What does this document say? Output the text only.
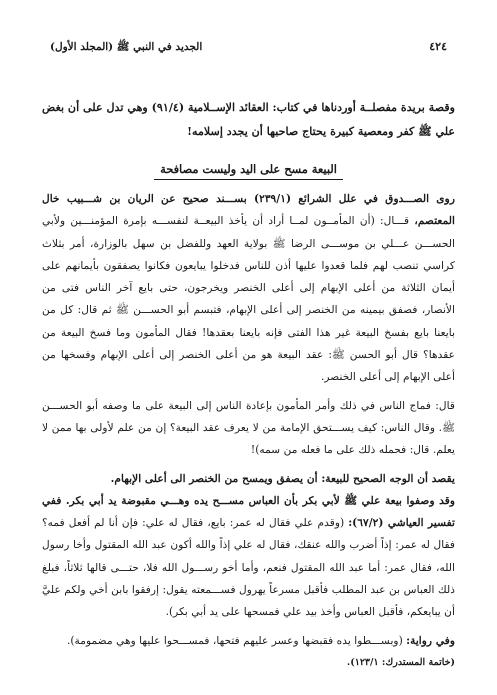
٤٢٤
الجديد في النبي ﷺ (المجلد الأول)

وقصة بريدة مفصلــة أوردناها في كتاب: العقائد الإســلامية (٩١/٤) وهي تدل على أن بغض علي ﷺ كفر ومعصية كبيرة يحتاج صاحبها أن يجدد إسلامه!

البيعة مسح على اليد وليست مصافحة

روى الصـــدوق في علل الشرائع (٢٣٩/١) بســـند صحيح عن الريان بن شـــبيب خال المعتصم، قـــال: (أن المأمــون لمــا أراد أن يأخذ البيعــة لنفســـه بإمرة المؤمنـــين ولأبي الحســـن عـــلي بن موســـى الرضا ﷺ بولاية العهد وللفضل بن سهل بالوزارة، أمر بثلاث كراسي تنصب لهم فلما قعدوا عليها أذن للناس فدخلوا يبايعون فكانوا يصفقون بأيمانهم على أيمان الثلاثة من أعلى الإبهام إلى أعلى الخنصر ويخرجون، حتى بايع آخر الناس فتى من الأنصار، فصفق بيمينه من الخنصر إلى أعلى الإبهام، فتبسم أبو الحســـن ﷺ ثم قال: كل من بايعنا بايع بفسخ البيعة غير هذا الفتى فإنه بايعنا بعقدها! فقال المأمون وما فسخ البيعة من عقدها؟ قال أبو الحسن ﷺ: عقد البيعة هو من أعلى الخنصر إلى أعلى الإبهام وفسخها من أعلى الإبهام إلى أعلى الخنصر.

قال: فماج الناس في ذلك وأمر المأمون بإعادة الناس إلى البيعة على ما وصفه أبو الحســـن ﷺ. وقال الناس: كيف يســـتحق الإمامة من لا يعرف عقد البيعة؟ إن من علم لأولى بها ممن لا يعلم. قال: فحمله ذلك على ما فعله من سمه)!

يقصد أن الوجه الصحيح للبيعة: أن يصفق ويمسح من الخنصر الى أعلى الإبهام.

وقد وصفوا بيعة علي ﷺ لأبي بكر بأن العباس مســـح يده وهـــي مقبوضة يد أبي بكر. ففي تفسير العياشي (٦٧/٢): (وقدم علي فقال له عمر: بايع، فقال له علي: فإن أنا لم أفعل فمه؟ فقال له عمر: إذاً أضرب والله عنقك، فقال له علي إذاً والله أكون عبد الله المقتول وأخا رسول الله، فقال عمر: أما عبد الله المقتول فنعم، وأما أخو رســـول الله فلا، حتـــى قالها ثلاثاً، فبلغ ذلك العباس بن عبد المطلب فأقبل مسرعاً يهرول فســـمعته يقول: إرفقوا بابن أخي ولكم عليَّ أن يبايعكم، فأقبل العباس وأخذ بيد علي فمسحها على يد أبي بكر).

وفي رواية: (وبســـطوا يده فقبضها وعسر عليهم فتحها، فمســـحوا عليها وهي مضمومة).

(خاتمة المستدرك: ١٢٣/١).
